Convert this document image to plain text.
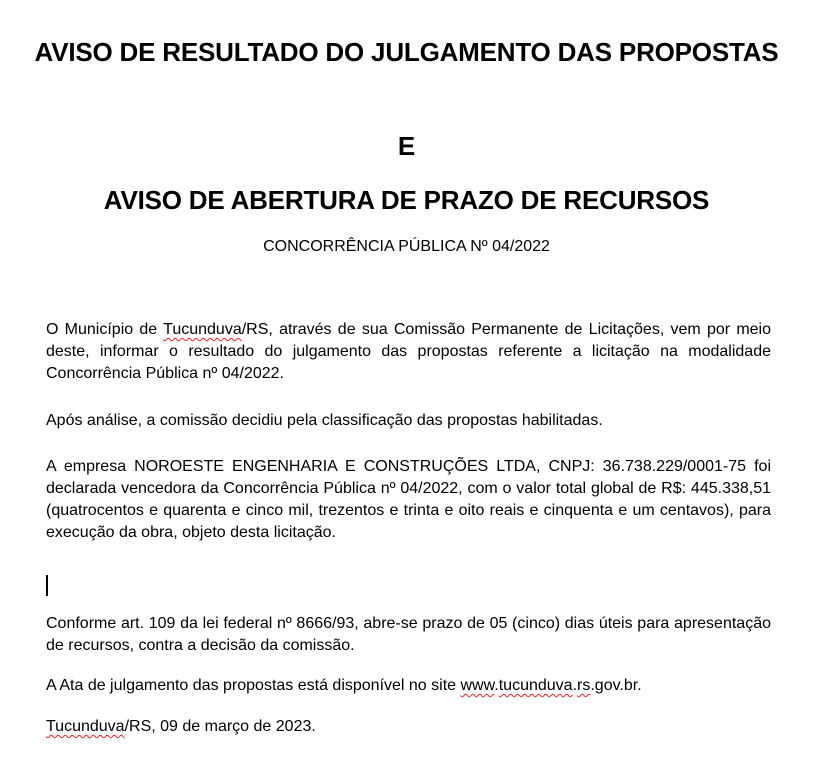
AVISO DE RESULTADO DO JULGAMENTO DAS PROPOSTAS
E
AVISO DE ABERTURA DE PRAZO DE RECURSOS
CONCORRÊNCIA PÚBLICA Nº 04/2022
O Município de Tucunduva/RS, através de sua Comissão Permanente de Licitações, vem por meio deste, informar o resultado do julgamento das propostas referente a licitação na modalidade Concorrência Pública nº 04/2022.
Após análise, a comissão decidiu pela classificação das propostas habilitadas.
A empresa NOROESTE ENGENHARIA E CONSTRUÇÕES LTDA, CNPJ: 36.738.229/0001-75 foi declarada vencedora da Concorrência Pública nº 04/2022, com o valor total global de R$: 445.338,51 (quatrocentos e quarenta e cinco mil, trezentos e trinta e oito reais e cinquenta e um centavos), para execução da obra, objeto desta licitação.
Conforme art. 109 da lei federal nº 8666/93, abre-se prazo de 05 (cinco) dias úteis para apresentação de recursos, contra a decisão da comissão.
A Ata de julgamento das propostas está disponível no site www.tucunduva.rs.gov.br.
Tucunduva/RS, 09 de março de 2023.
